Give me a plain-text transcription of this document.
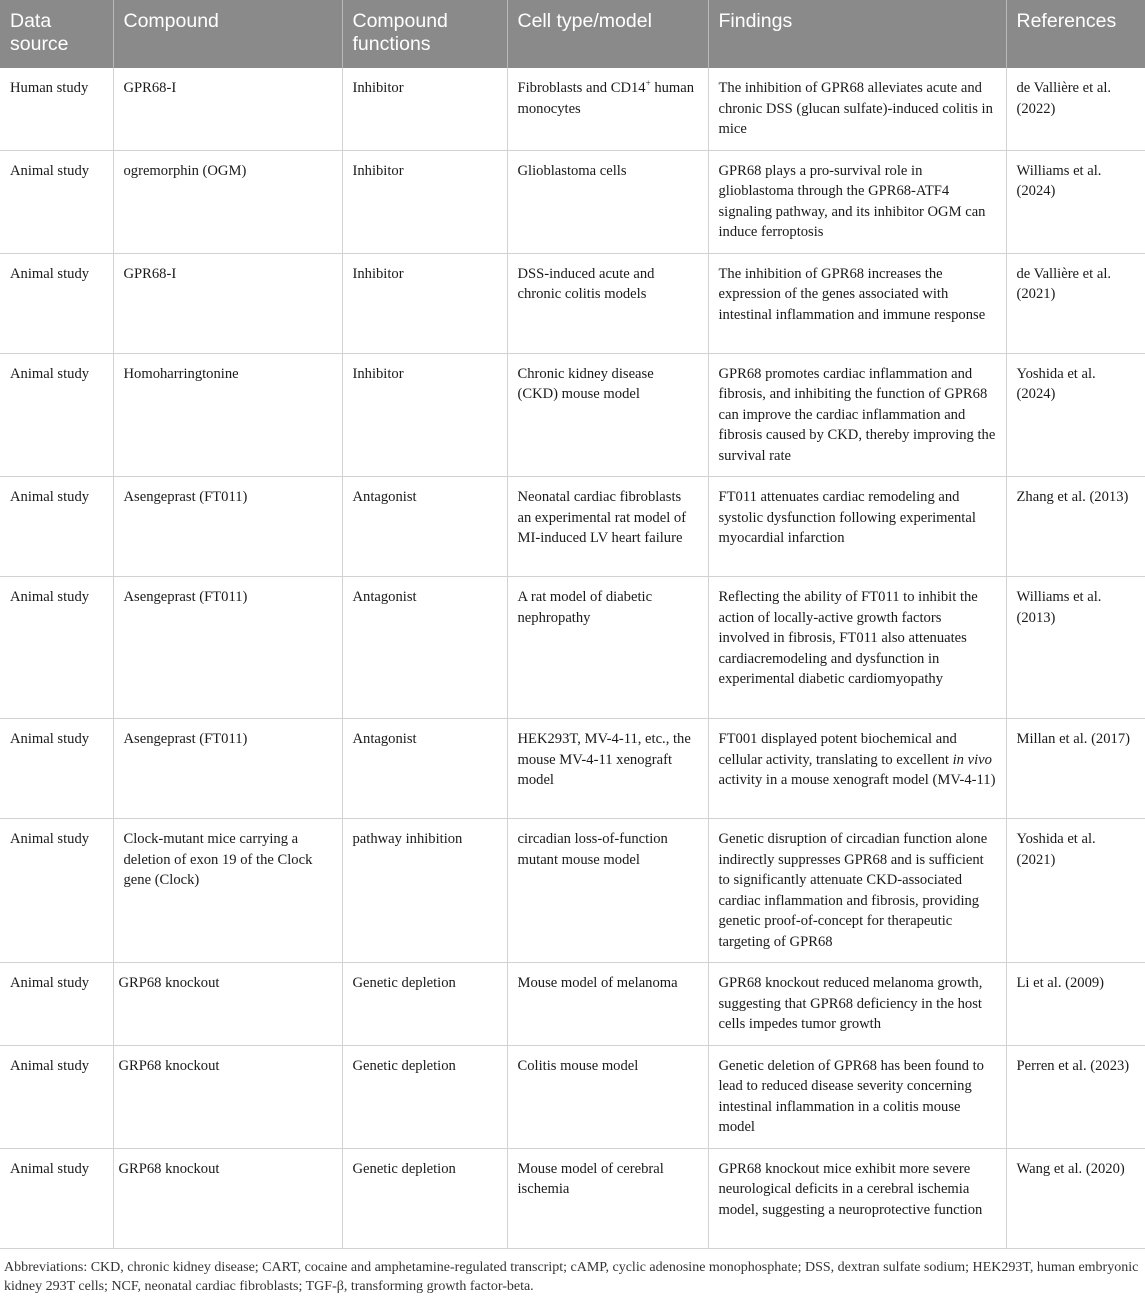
Data source	Compound	Compound functions	Cell type/model	Findings	References
Human study	GPR68-I	Inhibitor	Fibroblasts and CD14+ human monocytes	The inhibition of GPR68 alleviates acute and chronic DSS (glucan sulfate)-induced colitis in mice	de Vallière et al. (2022)
Animal study	ogremorphin (OGM)	Inhibitor	Glioblastoma cells	GPR68 plays a pro-survival role in glioblastoma through the GPR68-ATF4 signaling pathway, and its inhibitor OGM can induce ferroptosis	Williams et al. (2024)
Animal study	GPR68-I	Inhibitor	DSS-induced acute and chronic colitis models	The inhibition of GPR68 increases the expression of the genes associated with intestinal inflammation and immune response	de Vallière et al. (2021)
Animal study	Homoharringtonine	Inhibitor	Chronic kidney disease (CKD) mouse model	GPR68 promotes cardiac inflammation and fibrosis, and inhibiting the function of GPR68 can improve the cardiac inflammation and fibrosis caused by CKD, thereby improving the survival rate	Yoshida et al. (2024)
Animal study	Asengeprast (FT011)	Antagonist	Neonatal cardiac fibroblasts an experimental rat model of MI-induced LV heart failure	FT011 attenuates cardiac remodeling and systolic dysfunction following experimental myocardial infarction	Zhang et al. (2013)
Animal study	Asengeprast (FT011)	Antagonist	A rat model of diabetic nephropathy	Reflecting the ability of FT011 to inhibit the action of locally-active growth factors involved in fibrosis, FT011 also attenuates cardiacremodeling and dysfunction in experimental diabetic cardiomyopathy	Williams et al. (2013)
Animal study	Asengeprast (FT011)	Antagonist	HEK293T, MV-4-11, etc., the mouse MV-4-11 xenograft model	FT001 displayed potent biochemical and cellular activity, translating to excellent in vivo activity in a mouse xenograft model (MV-4-11)	Millan et al. (2017)
Animal study	Clock-mutant mice carrying a deletion of exon 19 of the Clock gene (Clock)	pathway inhibition	circadian loss-of-function mutant mouse model	Genetic disruption of circadian function alone indirectly suppresses GPR68 and is sufficient to significantly attenuate CKD-associated cardiac inflammation and fibrosis, providing genetic proof-of-concept for therapeutic targeting of GPR68	Yoshida et al. (2021)
Animal study	GRP68 knockout	Genetic depletion	Mouse model of melanoma	GPR68 knockout reduced melanoma growth, suggesting that GPR68 deficiency in the host cells impedes tumor growth	Li et al. (2009)
Animal study	GRP68 knockout	Genetic depletion	Colitis mouse model	Genetic deletion of GPR68 has been found to lead to reduced disease severity concerning intestinal inflammation in a colitis mouse model	Perren et al. (2023)
Animal study	GRP68 knockout	Genetic depletion	Mouse model of cerebral ischemia	GPR68 knockout mice exhibit more severe neurological deficits in a cerebral ischemia model, suggesting a neuroprotective function	Wang et al. (2020)
Abbreviations: CKD, chronic kidney disease; CART, cocaine and amphetamine-regulated transcript; cAMP, cyclic adenosine monophosphate; DSS, dextran sulfate sodium; HEK293T, human embryonic kidney 293T cells; NCF, neonatal cardiac fibroblasts; TGF-β, transforming growth factor-beta.
